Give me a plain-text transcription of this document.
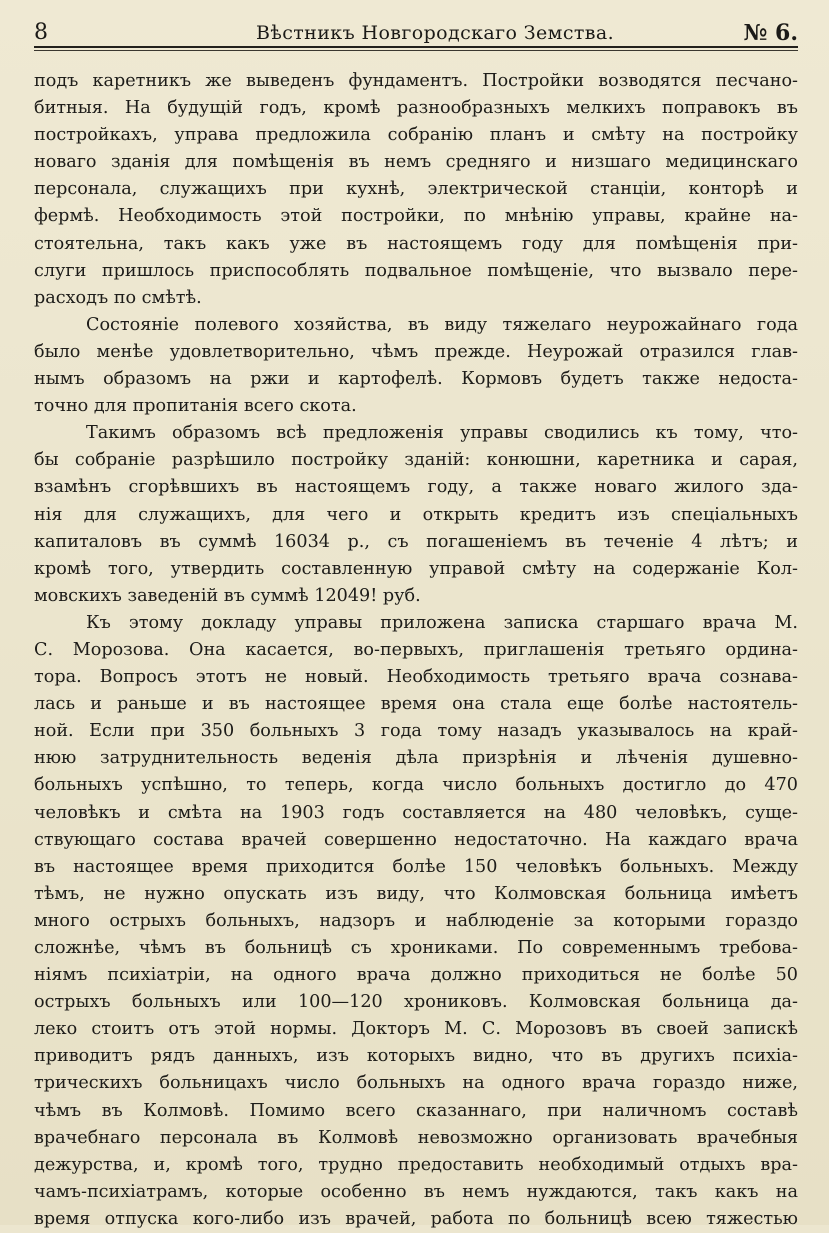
8	Вѣстникъ Новгородскаго Земства.	№ 6.
подъ каретникъ же выведенъ фундаментъ. Постройки возводятся песчано-
битныя. На будущій годъ, кромѣ разнообразныхъ мелкихъ поправокъ въ
постройкахъ, управа предложила собранію планъ и смѣту на постройку
новаго зданія для помѣщенія въ немъ средняго и низшаго медицинскаго
персонала, служащихъ при кухнѣ, электрической станціи, конторѣ и
фермѣ. Необходимость этой постройки, по мнѣнію управы, крайне на-
стоятельна, такъ какъ уже въ настоящемъ году для помѣщенія при-
слуги пришлось приспособлять подвальное помѣщеніе, что вызвало пере-
расходъ по смѣтѣ.
Состояніе полевого хозяйства, въ виду тяжелаго неурожайнаго года
было менѣе удовлетворительно, чѣмъ прежде. Неурожай отразился глав-
нымъ образомъ на ржи и картофелѣ. Кормовъ будетъ также недоста-
точно для пропитанія всего скота.
Такимъ образомъ всѣ предложенія управы сводились къ тому, что-
бы собраніе разрѣшило постройку зданій: конюшни, каретника и сарая,
взамѣнъ сгорѣвшихъ въ настоящемъ году, а также новаго жилого зда-
нія для служащихъ, для чего и открыть кредитъ изъ спеціальныхъ
капиталовъ въ суммѣ 16034 р., съ погашеніемъ въ теченіе 4 лѣтъ; и
кромѣ того, утвердить составленную управой смѣту на содержаніе Кол-
мовскихъ заведеній въ суммѣ 12049! руб.
Къ этому докладу управы приложена записка старшаго врача М.
С. Морозова. Она касается, во-первыхъ, приглашенія третьяго ордина-
тора. Вопросъ этотъ не новый. Необходимость третьяго врача сознава-
лась и раньше и въ настоящее время она стала еще болѣе настоятель-
ной. Если при 350 больныхъ 3 года тому назадъ указывалось на край-
нюю затруднительность веденія дѣла призрѣнія и лѣченія душевно-
больныхъ успѣшно, то теперь, когда число больныхъ достигло до 470
человѣкъ и смѣта на 1903 годъ составляется на 480 человѣкъ, суще-
ствующаго состава врачей совершенно недостаточно. На каждаго врача
въ настоящее время приходится болѣе 150 человѣкъ больныхъ. Между
тѣмъ, не нужно опускать изъ виду, что Колмовская больница имѣетъ
много острыхъ больныхъ, надзоръ и наблюденіе за которыми гораздо
сложнѣе, чѣмъ въ больницѣ съ хрониками. По современнымъ требова-
ніямъ психіатріи, на одного врача должно приходиться не болѣе 50
острыхъ больныхъ или 100—120 хрониковъ. Колмовская больница да-
леко стоитъ отъ этой нормы. Докторъ М. С. Морозовъ въ своей запискѣ
приводитъ рядъ данныхъ, изъ которыхъ видно, что въ другихъ психіа-
трическихъ больницахъ число больныхъ на одного врача гораздо ниже,
чѣмъ въ Колмовѣ. Помимо всего сказаннаго, при наличномъ составѣ
врачебнаго персонала въ Колмовѣ невозможно организовать врачебныя
дежурства, и, кромѣ того, трудно предоставить необходимый отдыхъ вра-
чамъ-психіатрамъ, которые особенно въ немъ нуждаются, такъ какъ на
время отпуска кого-либо изъ врачей, работа по больницѣ всею тяжестью
